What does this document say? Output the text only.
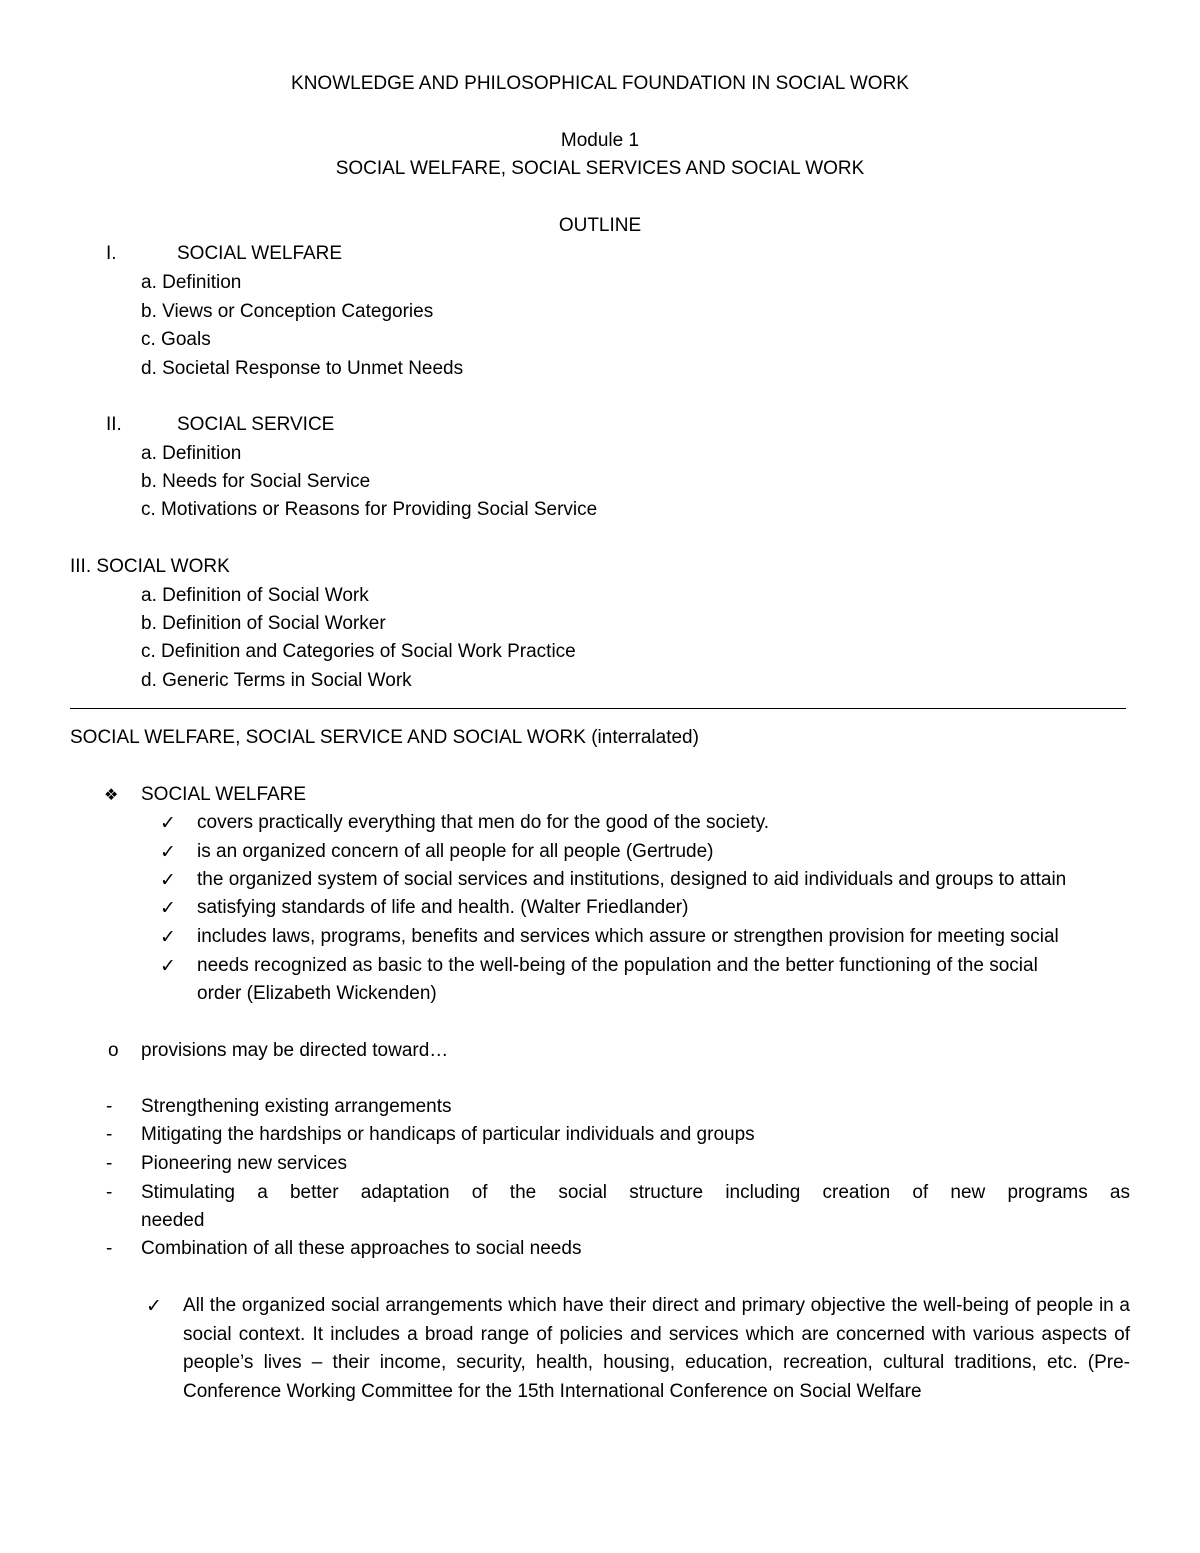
KNOWLEDGE AND PHILOSOPHICAL FOUNDATION IN SOCIAL WORK
Module 1
SOCIAL WELFARE, SOCIAL SERVICES AND SOCIAL WORK
OUTLINE
I.	SOCIAL WELFARE
a. Definition
b. Views or Conception Categories
c. Goals
d. Societal Response to Unmet Needs
II.	SOCIAL SERVICE
a. Definition
b. Needs for Social Service
c. Motivations or Reasons for Providing Social Service
III. SOCIAL WORK
a. Definition of Social Work
b. Definition of Social Worker
c. Definition and Categories of Social Work Practice
d. Generic Terms in Social Work
SOCIAL WELFARE, SOCIAL SERVICE AND SOCIAL WORK (interralated)
❖ SOCIAL WELFARE
✓ covers practically everything that men do for the good of the society.
✓ is an organized concern of all people for all people (Gertrude)
✓ the organized system of social services and institutions, designed to aid individuals and groups to attain
✓ satisfying standards of life and health. (Walter Friedlander)
✓ includes laws, programs, benefits and services which assure or strengthen provision for meeting social
✓ needs recognized as basic to the well-being of the population and the better functioning of the social
order (Elizabeth Wickenden)
o provisions may be directed toward…
- Strengthening existing arrangements
- Mitigating the hardships or handicaps of particular individuals and groups
- Pioneering new services
- Stimulating a better adaptation of the social structure including creation of new programs as
needed
- Combination of all these approaches to social needs
✓ All the organized social arrangements which have their direct and primary objective the well-being of people in a social context. It includes a broad range of policies and services which are concerned with various aspects of people’s lives – their income, security, health, housing, education, recreation, cultural traditions, etc. (Pre-Conference Working Committee for the 15th International Conference on Social Welfare
